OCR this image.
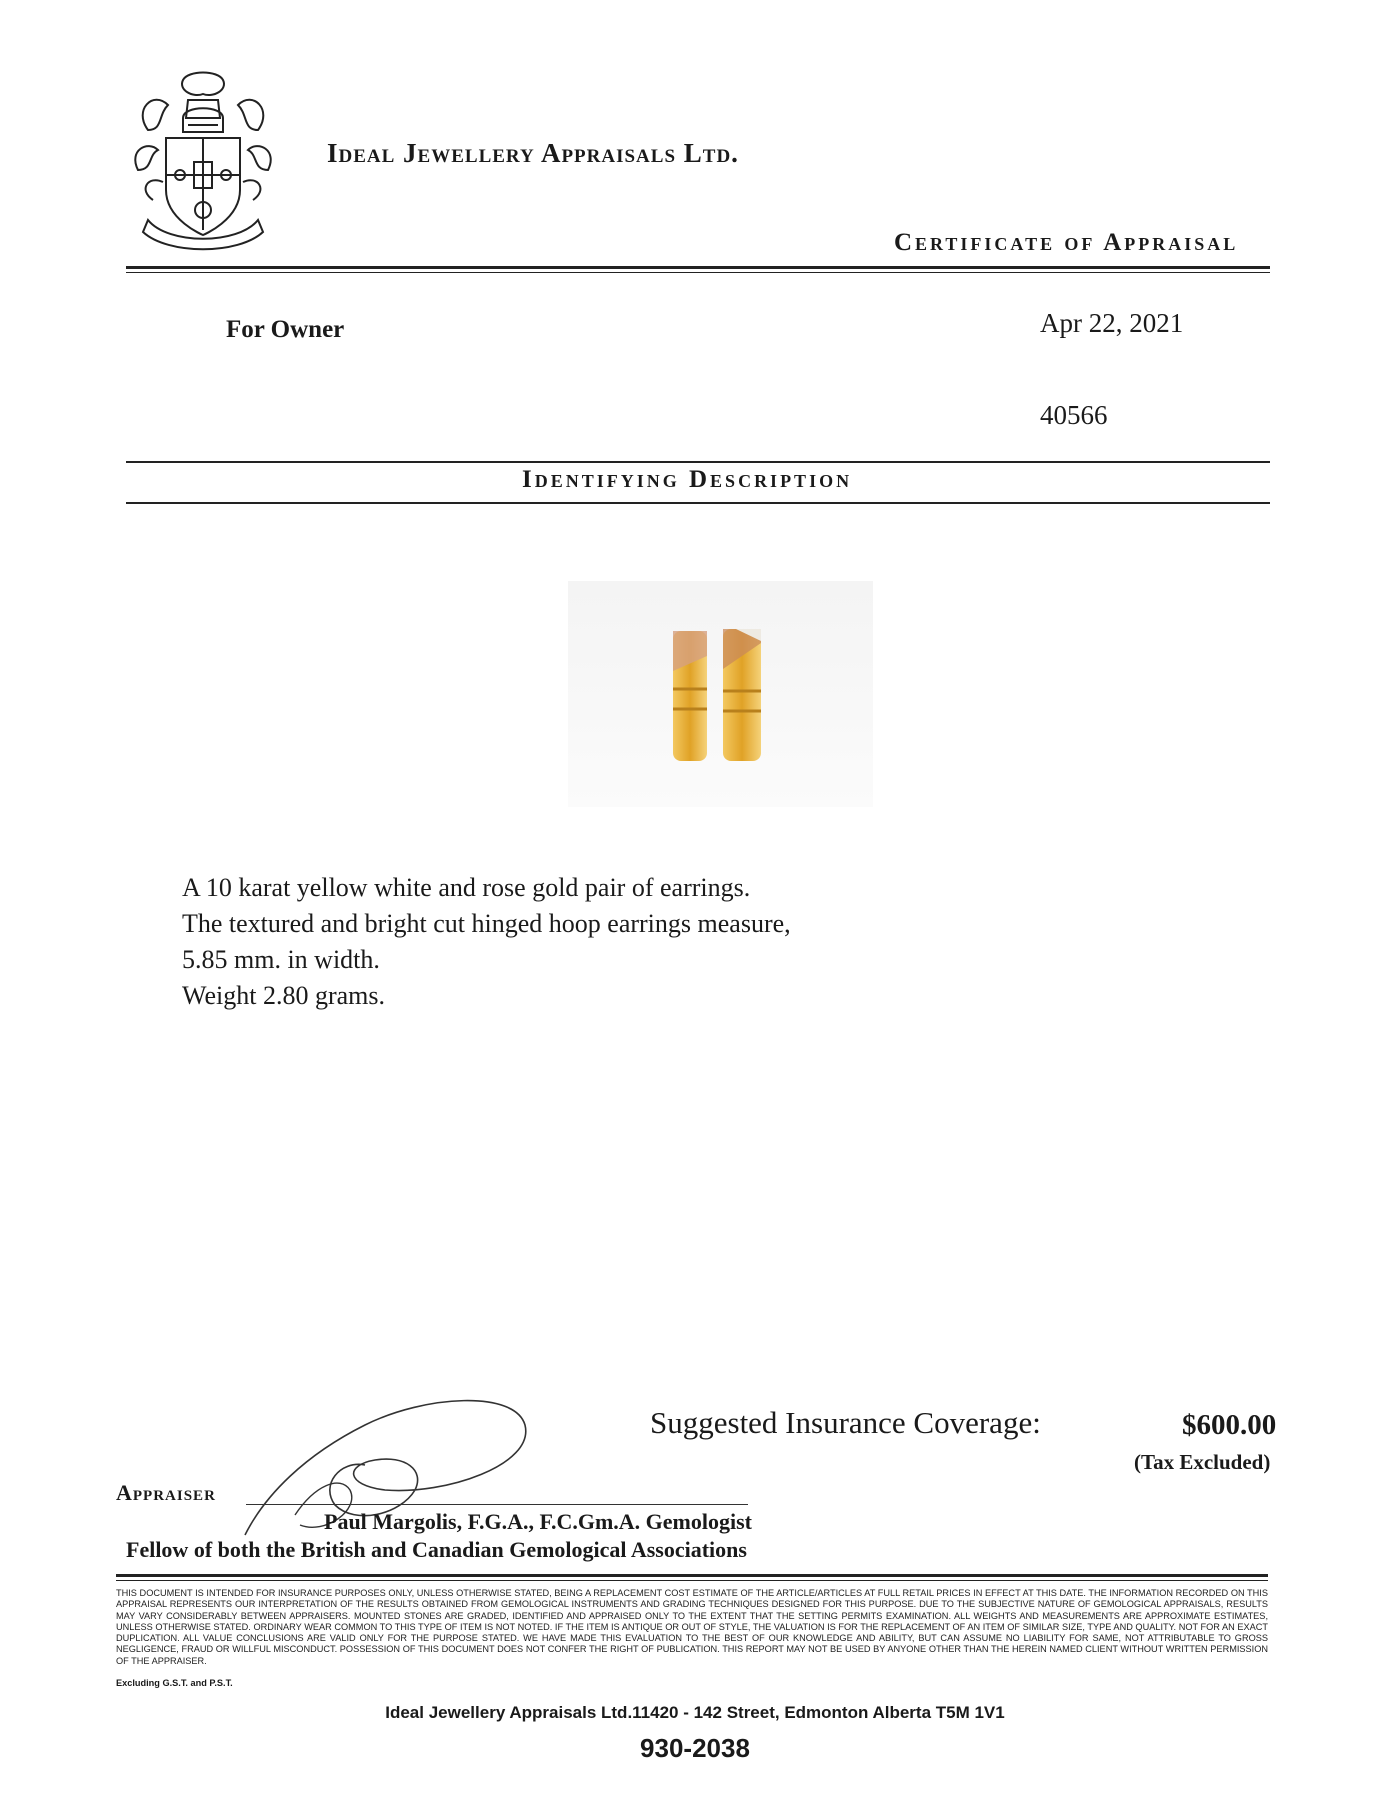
Ideal Jewellery Appraisals Ltd.
Certificate of Appraisal
For Owner	Apr 22, 2021
40566
Identifying Description
A 10 karat yellow white and rose gold pair of earrings.
The textured and bright cut hinged hoop earrings measure,
5.85 mm. in width.
Weight 2.80 grams.
Suggested Insurance Coverage:	$600.00
(Tax Excluded)
Appraiser
Paul Margolis, F.G.A., F.C.Gm.A. Gemologist
Fellow of both the British and Canadian Gemological Associations
THIS DOCUMENT IS INTENDED FOR INSURANCE PURPOSES ONLY, UNLESS OTHERWISE STATED, BEING A REPLACEMENT COST ESTIMATE OF THE ARTICLE/ARTICLES AT FULL RETAIL PRICES IN EFFECT AT THIS DATE. THE INFORMATION RECORDED ON THIS APPRAISAL REPRESENTS OUR INTERPRETATION OF THE RESULTS OBTAINED FROM GEMOLOGICAL INSTRUMENTS AND GRADING TECHNIQUES DESIGNED FOR THIS PURPOSE. DUE TO THE SUBJECTIVE NATURE OF GEMOLOGICAL APPRAISALS, RESULTS MAY VARY CONSIDERABLY BETWEEN APPRAISERS. MOUNTED STONES ARE GRADED, IDENTIFIED AND APPRAISED ONLY TO THE EXTENT THAT THE SETTING PERMITS EXAMINATION. ALL WEIGHTS AND MEASUREMENTS ARE APPROXIMATE ESTIMATES, UNLESS OTHERWISE STATED. ORDINARY WEAR COMMON TO THIS TYPE OF ITEM IS NOT NOTED. IF THE ITEM IS ANTIQUE OR OUT OF STYLE, THE VALUATION IS FOR THE REPLACEMENT OF AN ITEM OF SIMILAR SIZE, TYPE AND QUALITY. NOT FOR AN EXACT DUPLICATION. ALL VALUE CONCLUSIONS ARE VALID ONLY FOR THE PURPOSE STATED. WE HAVE MADE THIS EVALUATION TO THE BEST OF OUR KNOWLEDGE AND ABILITY, BUT CAN ASSUME NO LIABILITY FOR SAME, NOT ATTRIBUTABLE TO GROSS NEGLIGENCE, FRAUD OR WILLFUL MISCONDUCT. POSSESSION OF THIS DOCUMENT DOES NOT CONFER THE RIGHT OF PUBLICATION. THIS REPORT MAY NOT BE USED BY ANYONE OTHER THAN THE HEREIN NAMED CLIENT WITHOUT WRITTEN PERMISSION OF THE APPRAISER.
Excluding G.S.T. and P.S.T.
Ideal Jewellery Appraisals Ltd.11420 - 142 Street, Edmonton Alberta T5M 1V1
930-2038
